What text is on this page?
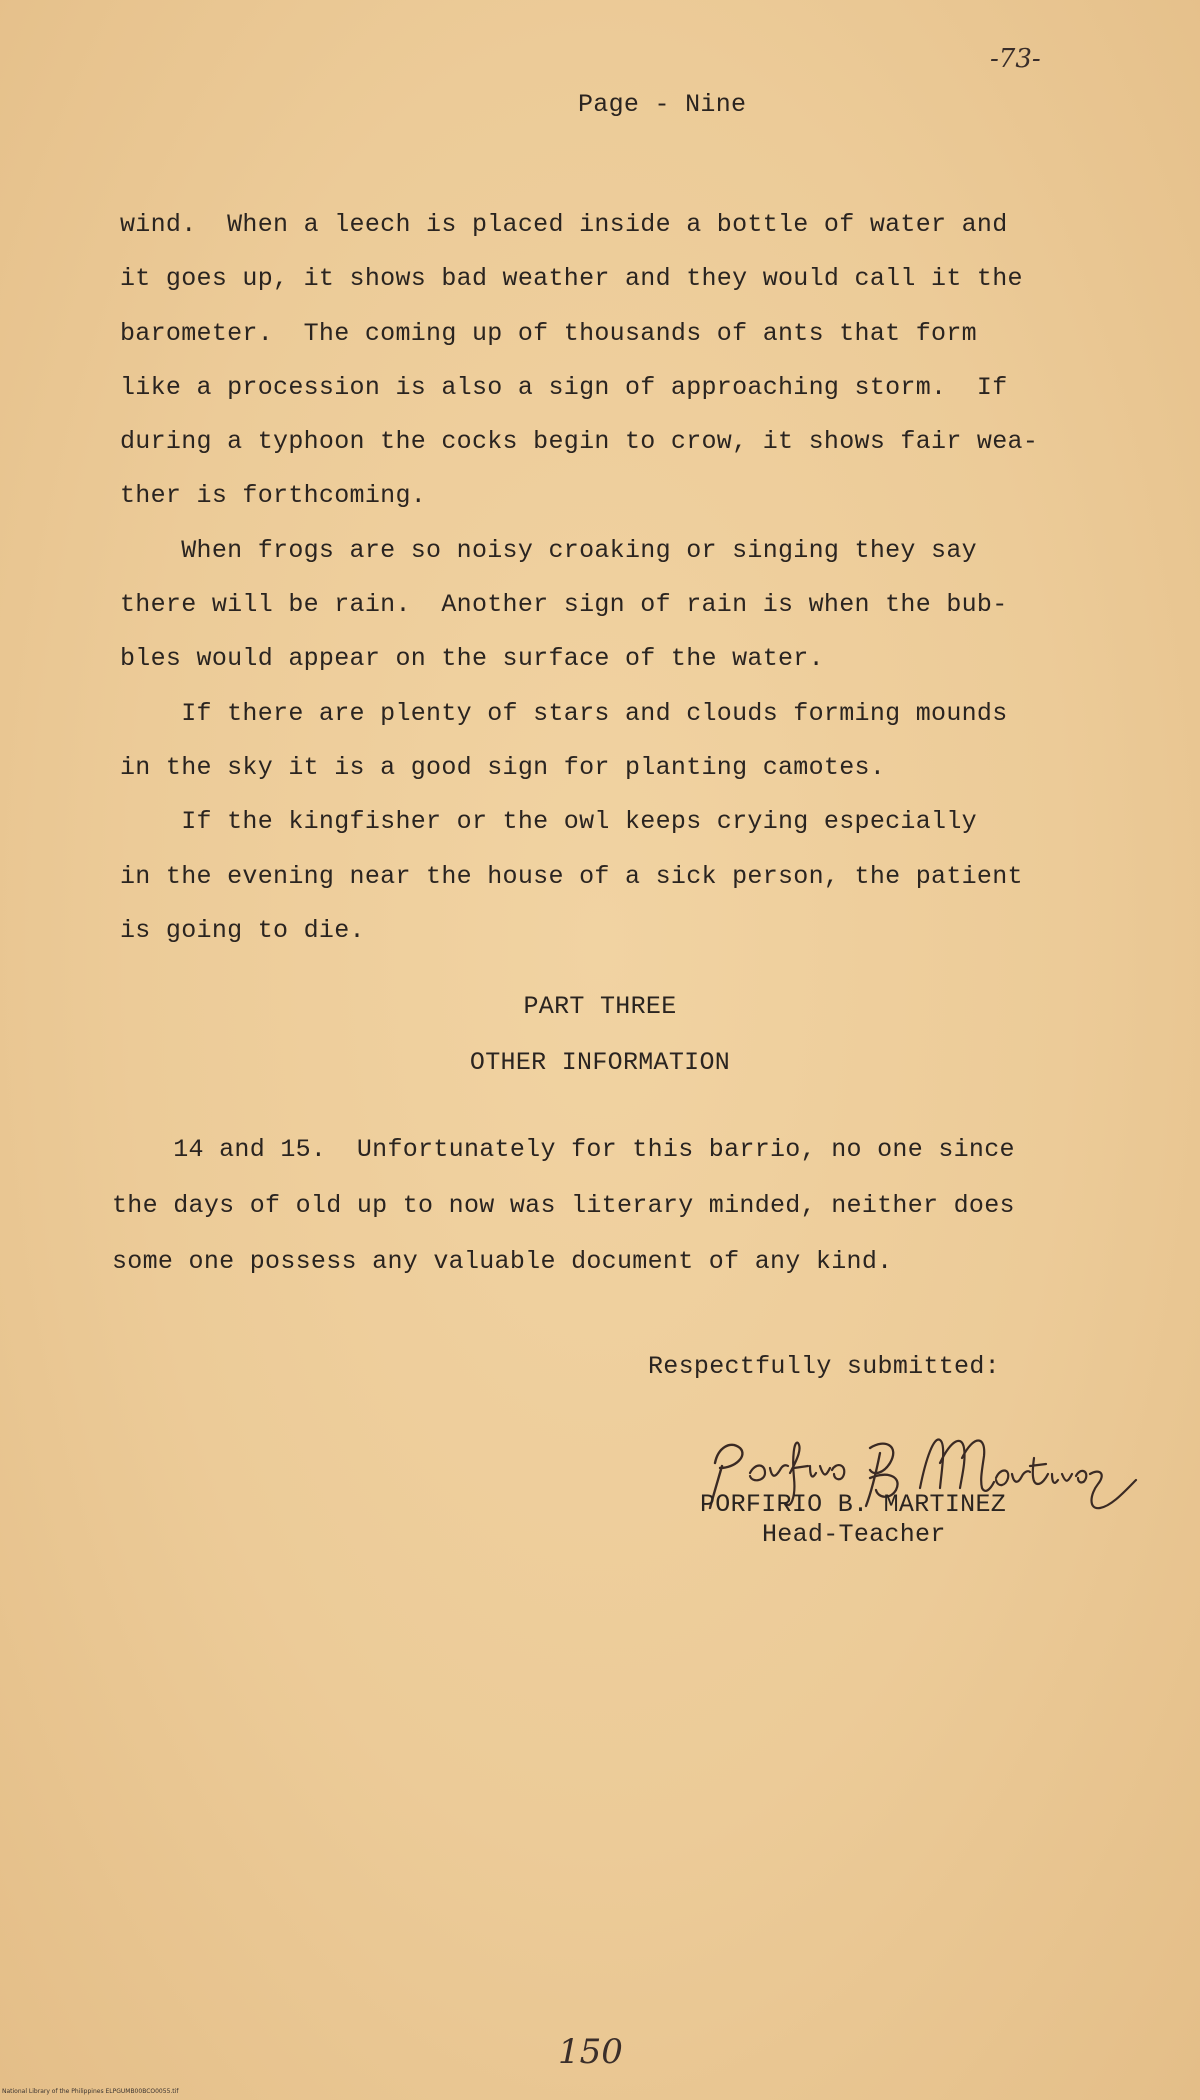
-73-
Page - Nine
wind.  When a leech is placed inside a bottle of water and
it goes up, it shows bad weather and they would call it the
barometer.  The coming up of thousands of ants that form
like a procession is also a sign of approaching storm.  If
during a typhoon the cocks begin to crow, it shows fair wea-
ther is forthcoming.
When frogs are so noisy croaking or singing they say
there will be rain.  Another sign of rain is when the bub-
bles would appear on the surface of the water.
If there are plenty of stars and clouds forming mounds
in the sky it is a good sign for planting camotes.
If the kingfisher or the owl keeps crying especially
in the evening near the house of a sick person, the patient
is going to die.
PART THREE
OTHER INFORMATION
14 and 15.  Unfortunately for this barrio, no one since
the days of old up to now was literary minded, neither does
some one possess any valuable document of any kind.
Respectfully submitted:
Porfirio B. Martinez
PORFIRIO B. MARTINEZ
Head-Teacher
150
National Library of the Philippines ELPGUMB00BCO0055.tif
